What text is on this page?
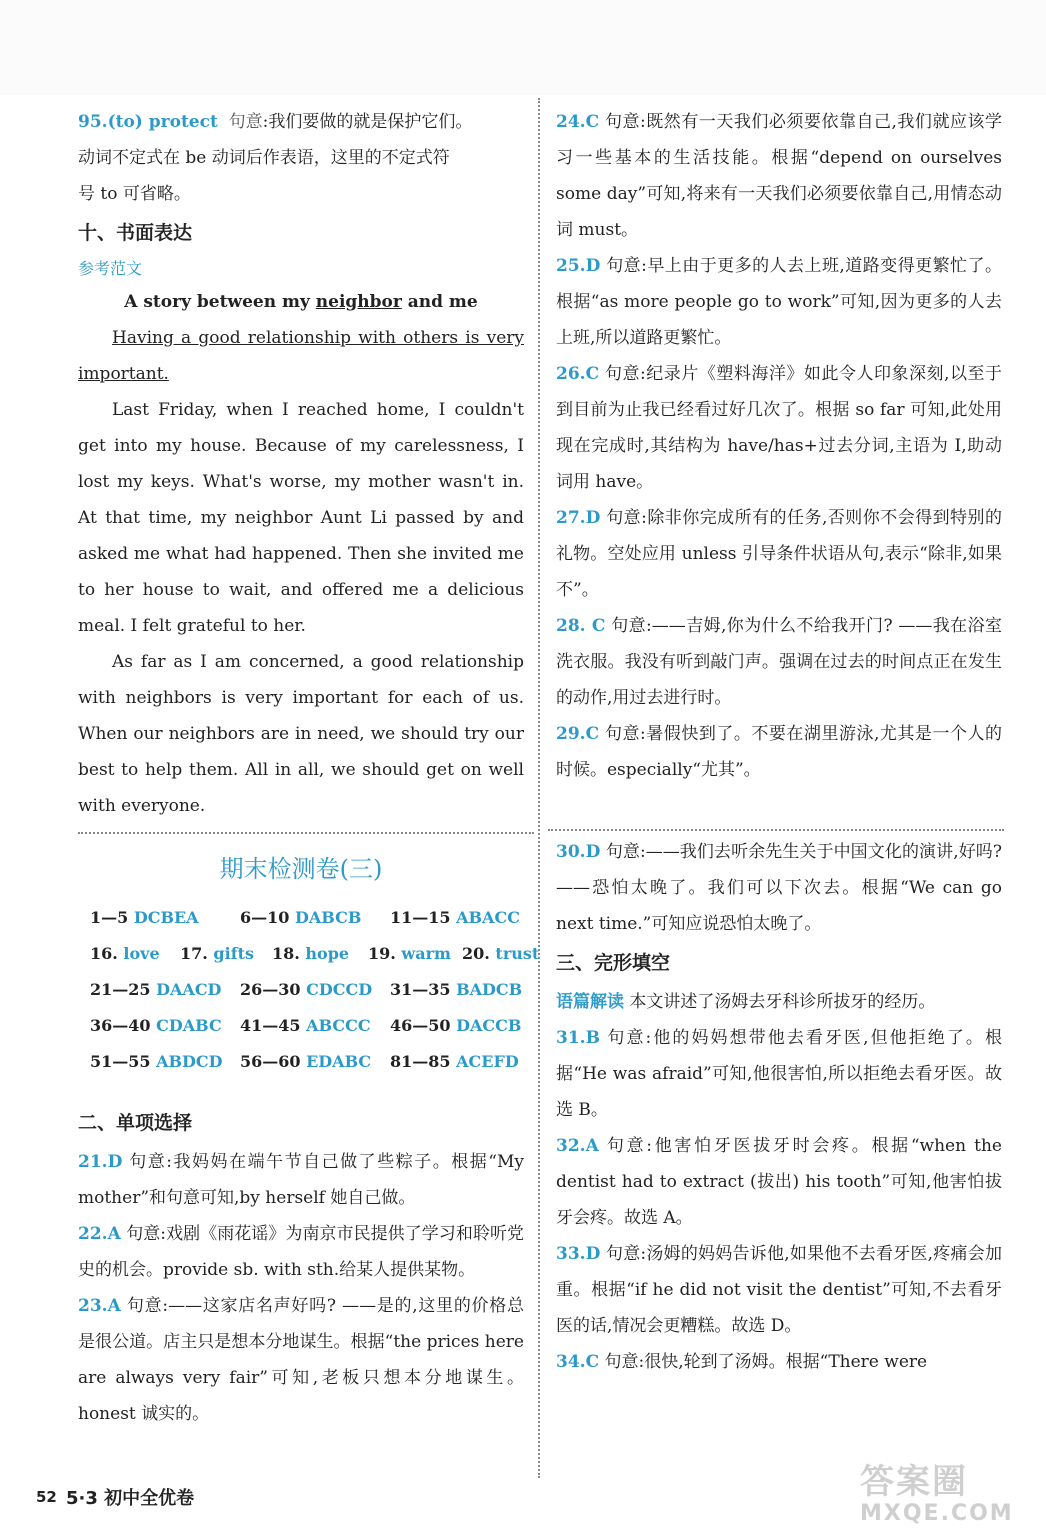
95.(to) protect 句意:我们要做的就是保护它们。

动词不定式在 be 动词后作表语，这里的不定式符

号 to 可省略。

十、书面表达
参考范文
A story between my neighbor and me

Having a good relationship with others is very important.

Last Friday, when I reached home, I couldn't get into my house. Because of my carelessness, I lost my keys. What's worse, my mother wasn't in. At that time, my neighbor Aunt Li passed by and asked me what had happened. Then she invited me to her house to wait, and offered me a delicious meal. I felt grateful to her.

As far as I am concerned, a good relationship with neighbors is very important for each of us. When our neighbors are in need, we should try our best to help them. All in all, we should get on well with everyone.

期末检测卷(三)
1—5 DCBEA	6—10 DABCB	11—15 ABACC
16. love	17. gifts	18. hope	19. warm 20. trust
21—25 DAACD	26—30 CDCCD	31—35 BADCB
36—40 CDABC	41—45 ABCCC	46—50 DACCB
51—55 ABDCD	56—60 EDABC	81—85 ACEFD
二、单项选择

21.D 句意:我妈妈在端午节自己做了些粽子。根据“My mother”和句意可知,by herself 她自己做。

22.A 句意:戏剧《雨花谣》为南京市民提供了学习和聆听党史的机会。provide sb. with sth.给某人提供某物。

23.A 句意:——这家店名声好吗? ——是的,这里的价格总是很公道。店主只是想本分地谋生。根据“the prices here are always very fair”可知,老板只想本分地谋生。honest 诚实的。

24.C 句意:既然有一天我们必须要依靠自己,我们就应该学习一些基本的生活技能。根据“depend on ourselves some day”可知,将来有一天我们必须要依靠自己,用情态动词 must。

25.D 句意:早上由于更多的人去上班,道路变得更繁忙了。根据“as more people go to work”可知,因为更多的人去上班,所以道路更繁忙。

26.C 句意:纪录片《塑料海洋》如此令人印象深刻,以至于到目前为止我已经看过好几次了。根据 so far 可知,此处用现在完成时,其结构为 have/has+过去分词,主语为 I,助动词用 have。

27.D 句意:除非你完成所有的任务,否则你不会得到特别的礼物。空处应用 unless 引导条件状语从句,表示“除非,如果不”。

28. C 句意:——吉姆,你为什么不给我开门? ——我在浴室洗衣服。我没有听到敲门声。强调在过去的时间点正在发生的动作,用过去进行时。

29.C 句意:暑假快到了。不要在湖里游泳,尤其是一个人的时候。especially“尤其”。

30.D 句意:——我们去听余先生关于中国文化的演讲,好吗? ——恐怕太晚了。我们可以下次去。根据“We can go next time.”可知应说恐怕太晚了。

三、完形填空

语篇解读 本文讲述了汤姆去牙科诊所拔牙的经历。

31.B 句意:他的妈妈想带他去看牙医,但他拒绝了。根据“He was afraid”可知,他很害怕,所以拒绝去看牙医。故选 B。

32.A 句意:他害怕牙医拔牙时会疼。根据“when the dentist had to extract (拔出) his tooth”可知,他害怕拔牙会疼。故选 A。

33.D 句意:汤姆的妈妈告诉他,如果他不去看牙医,疼痛会加重。根据“if he did not visit the dentist”可知,不去看牙医的话,情况会更糟糕。故选 D。

34.C 句意:很快,轮到了汤姆。根据“There were

52 5·3 初中全优卷	答案圈
MXQE.COM
